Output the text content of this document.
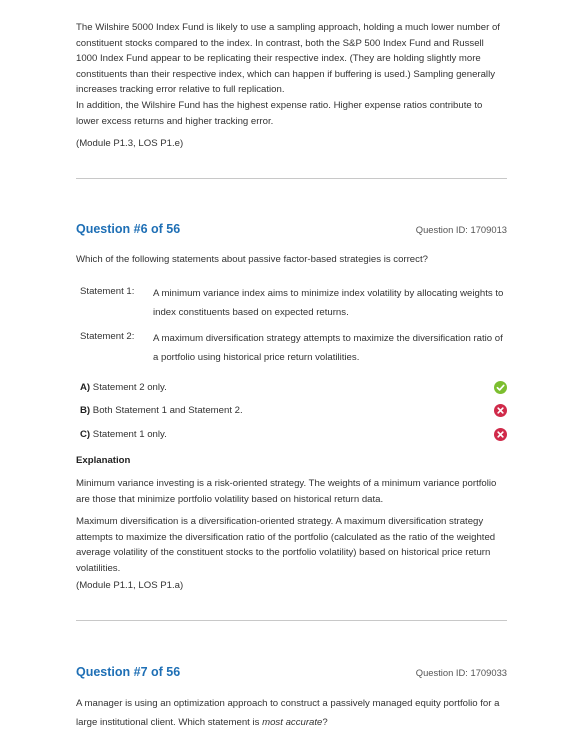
The Wilshire 5000 Index Fund is likely to use a sampling approach, holding a much lower number of constituent stocks compared to the index. In contrast, both the S&P 500 Index Fund and Russell 1000 Index Fund appear to be replicating their respective index. (They are holding slightly more constituents than their respective index, which can happen if buffering is used.) Sampling generally increases tracking error relative to full replication.

In addition, the Wilshire Fund has the highest expense ratio. Higher expense ratios contribute to lower excess returns and higher tracking error.

(Module P1.3, LOS P1.e)

Question #6 of 56	Question ID: 1709013

Which of the following statements about passive factor-based strategies is correct?

Statement 1:	A minimum variance index aims to minimize index volatility by allocating weights to index constituents based on expected returns.
Statement 2:	A maximum diversification strategy attempts to maximize the diversification ratio of a portfolio using historical price return volatilities.
A) Statement 2 only.
B) Both Statement 1 and Statement 2.
C) Statement 1 only.
Explanation

Minimum variance investing is a risk-oriented strategy. The weights of a minimum variance portfolio are those that minimize portfolio volatility based on historical return data.

Maximum diversification is a diversification-oriented strategy. A maximum diversification strategy attempts to maximize the diversification ratio of the portfolio (calculated as the ratio of the weighted average volatility of the constituent stocks to the portfolio volatility) based on historical price return volatilities.

(Module P1.1, LOS P1.a)

Question #7 of 56	Question ID: 1709033

A manager is using an optimization approach to construct a passively managed equity portfolio for a large institutional client. Which statement is most accurate?
